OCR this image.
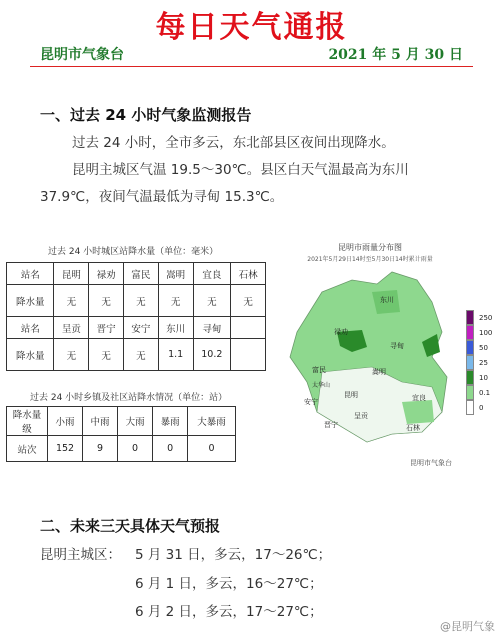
每日天气通报
昆明市气象台	2021 年 5 月 30 日
一、过去 24 小时气象监测报告
过去 24 小时，全市多云，东北部县区夜间出现降水。
昆明主城区气温 19.5～30℃。县区白天气温最高为东川
37.9℃，夜间气温最低为寻甸 15.3℃。
过去 24 小时城区站降水量（单位：毫米）
站名	昆明	禄劝	富民	嵩明	宜良	石林
降水量	无	无	无	无	无	无
站名	呈贡	晋宁	安宁	东川	寻甸	
降水量	无	无	无	1.1	10.2	
过去 24 小时乡镇及社区站降水情况（单位：站）
降水量级	小雨	中雨	大雨	暴雨	大暴雨
站次	152	9	0	0	0
昆明市雨量分布图
2021年5月29日14时至5月30日14时累计雨量
东川
禄劝
寻甸
富民	嵩明
昆明
太华山
安宁	宜良
呈贡
晋宁	石林
250
100
50
25
10
0.1
0
昆明市气象台
二、未来三天具体天气预报
昆明主城区： 5 月 31 日，多云，17～26℃；
6 月 1 日，多云，16～27℃；
6 月 2 日，多云，17～27℃；
@昆明气象
